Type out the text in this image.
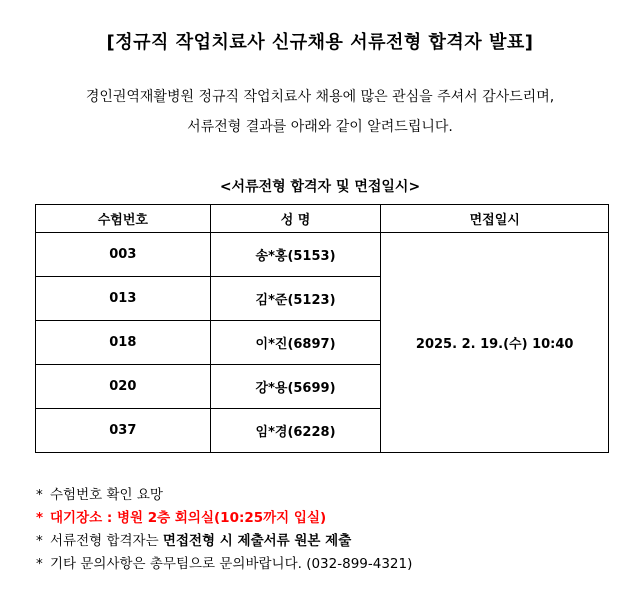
[정규직 작업치료사 신규채용 서류전형 합격자 발표]
경인권역재활병원 정규직 작업치료사 채용에 많은 관심을 주셔서 감사드리며,
서류전형 결과를 아래와 같이 알려드립니다.
<서류전형 합격자 및 면접일시>
수험번호	성 명	면접일시
003	송*홍(5153)	2025. 2. 19.(수) 10:40
013	김*준(5123)	
018	이*진(6897)	
020	강*용(5699)	
037	임*경(6228)	
* 수험번호 확인 요망
* 대기장소 : 병원 2층 회의실(10:25까지 입실)
* 서류전형 합격자는 면접전형 시 제출서류 원본 제출
* 기타 문의사항은 총무팀으로 문의바랍니다. (032-899-4321)
